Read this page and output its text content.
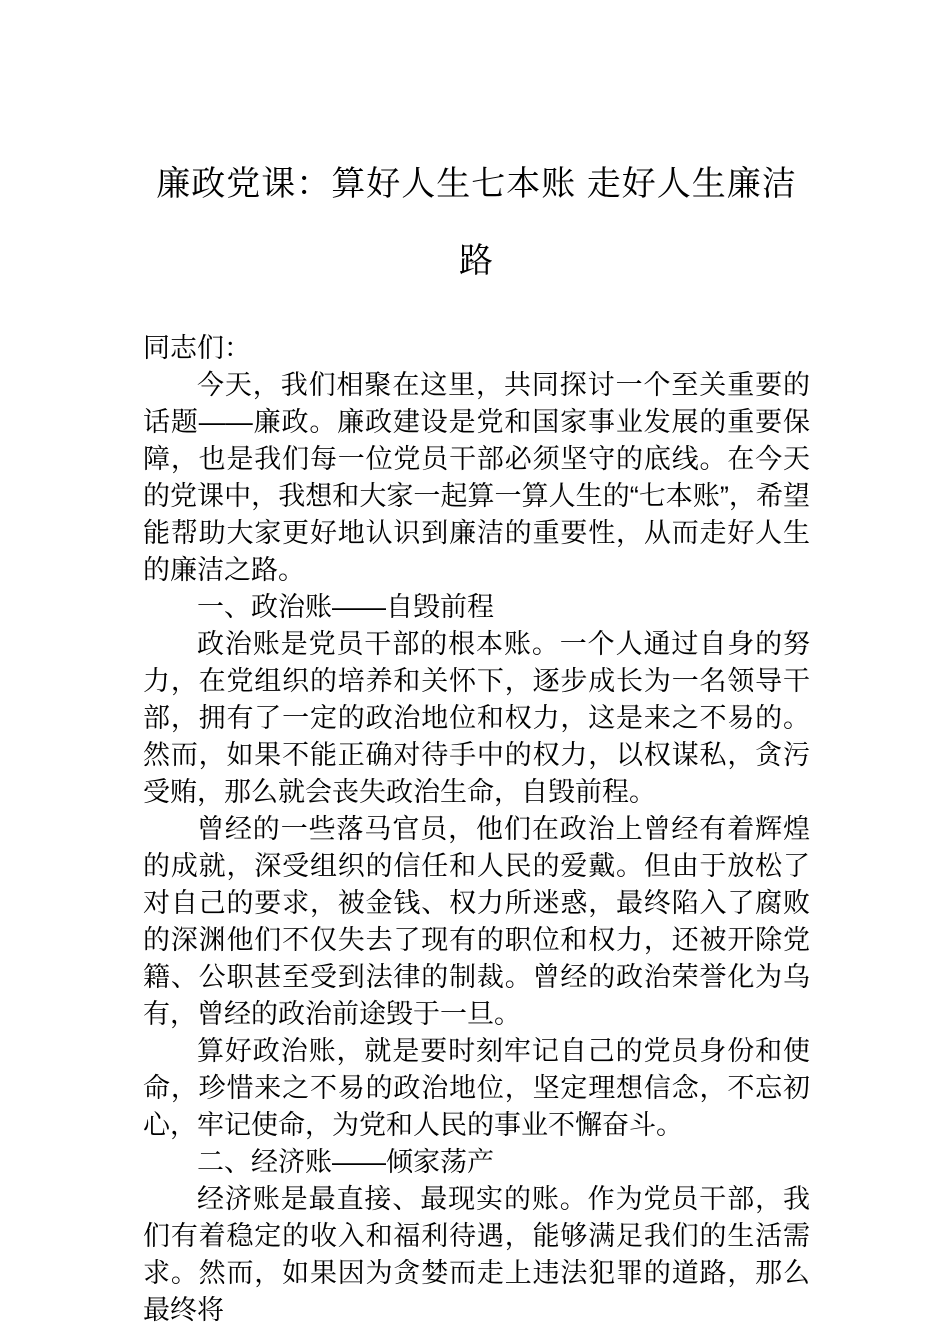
廉政党课：算好人生七本账 走好人生廉洁路

同志们：

今天，我们相聚在这里，共同探讨一个至关重要的话题——廉政。廉政建设是党和国家事业发展的重要保障，也是我们每一位党员干部必须坚守的底线。在今天的党课中，我想和大家一起算一算人生的“七本账”，希望能帮助大家更好地认识到廉洁的重要性，从而走好人生的廉洁之路。

一、政治账——自毁前程

政治账是党员干部的根本账。一个人通过自身的努力，在党组织的培养和关怀下，逐步成长为一名领导干部，拥有了一定的政治地位和权力，这是来之不易的。然而，如果不能正确对待手中的权力，以权谋私，贪污受贿，那么就会丧失政治生命，自毁前程。

曾经的一些落马官员，他们在政治上曾经有着辉煌的成就，深受组织的信任和人民的爱戴。但由于放松了对自己的要求，被金钱、权力所迷惑，最终陷入了腐败的深渊他们不仅失去了现有的职位和权力，还被开除党籍、公职甚至受到法律的制裁。曾经的政治荣誉化为乌有，曾经的政治前途毁于一旦。

算好政治账，就是要时刻牢记自己的党员身份和使命，珍惜来之不易的政治地位，坚定理想信念，不忘初心，牢记使命，为党和人民的事业不懈奋斗。

二、经济账——倾家荡产

经济账是最直接、最现实的账。作为党员干部，我们有着稳定的收入和福利待遇，能够满足我们的生活需求。然而，如果因为贪婪而走上违法犯罪的道路，那么最终将
